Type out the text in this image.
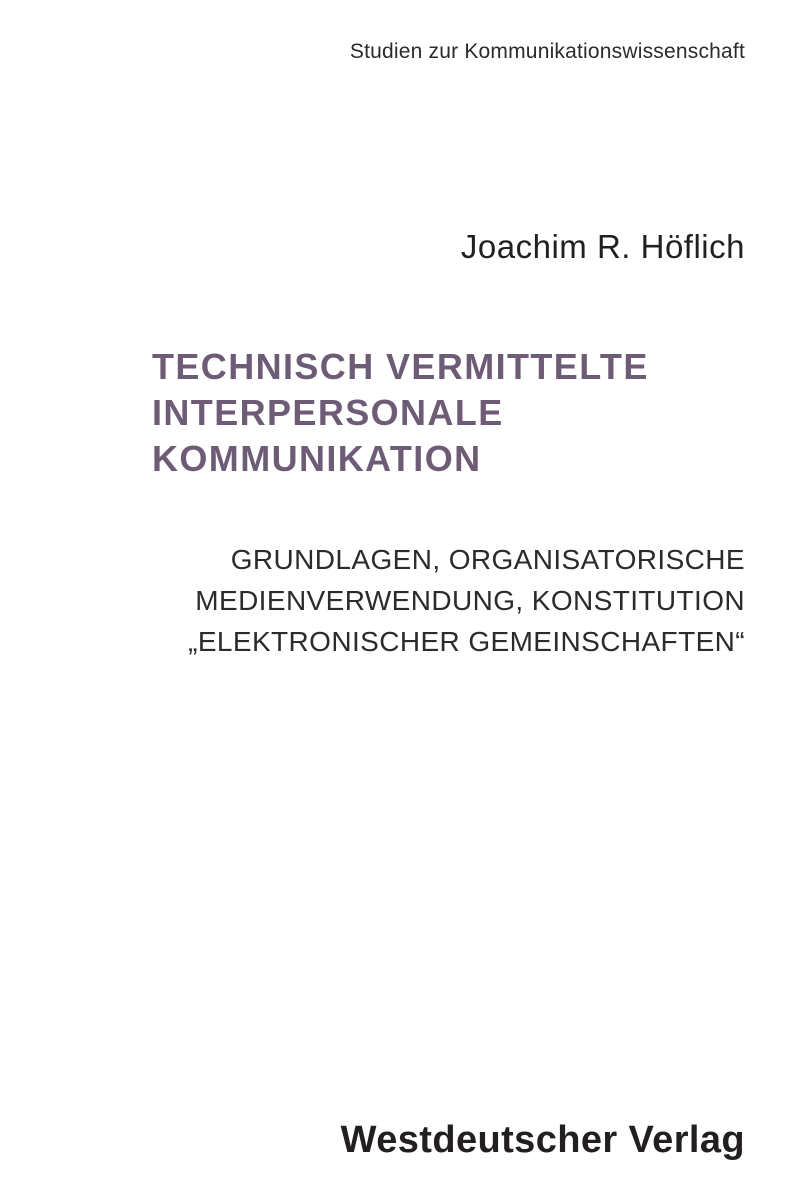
Studien zur Kommunikationswissenschaft
Joachim R. Höflich
TECHNISCH VERMITTELTE
INTERPERSONALE
KOMMUNIKATION
GRUNDLAGEN, ORGANISATORISCHE
MEDIENVERWENDUNG, KONSTITUTION
„ELEKTRONISCHER GEMEINSCHAFTEN“
Westdeutscher Verlag
